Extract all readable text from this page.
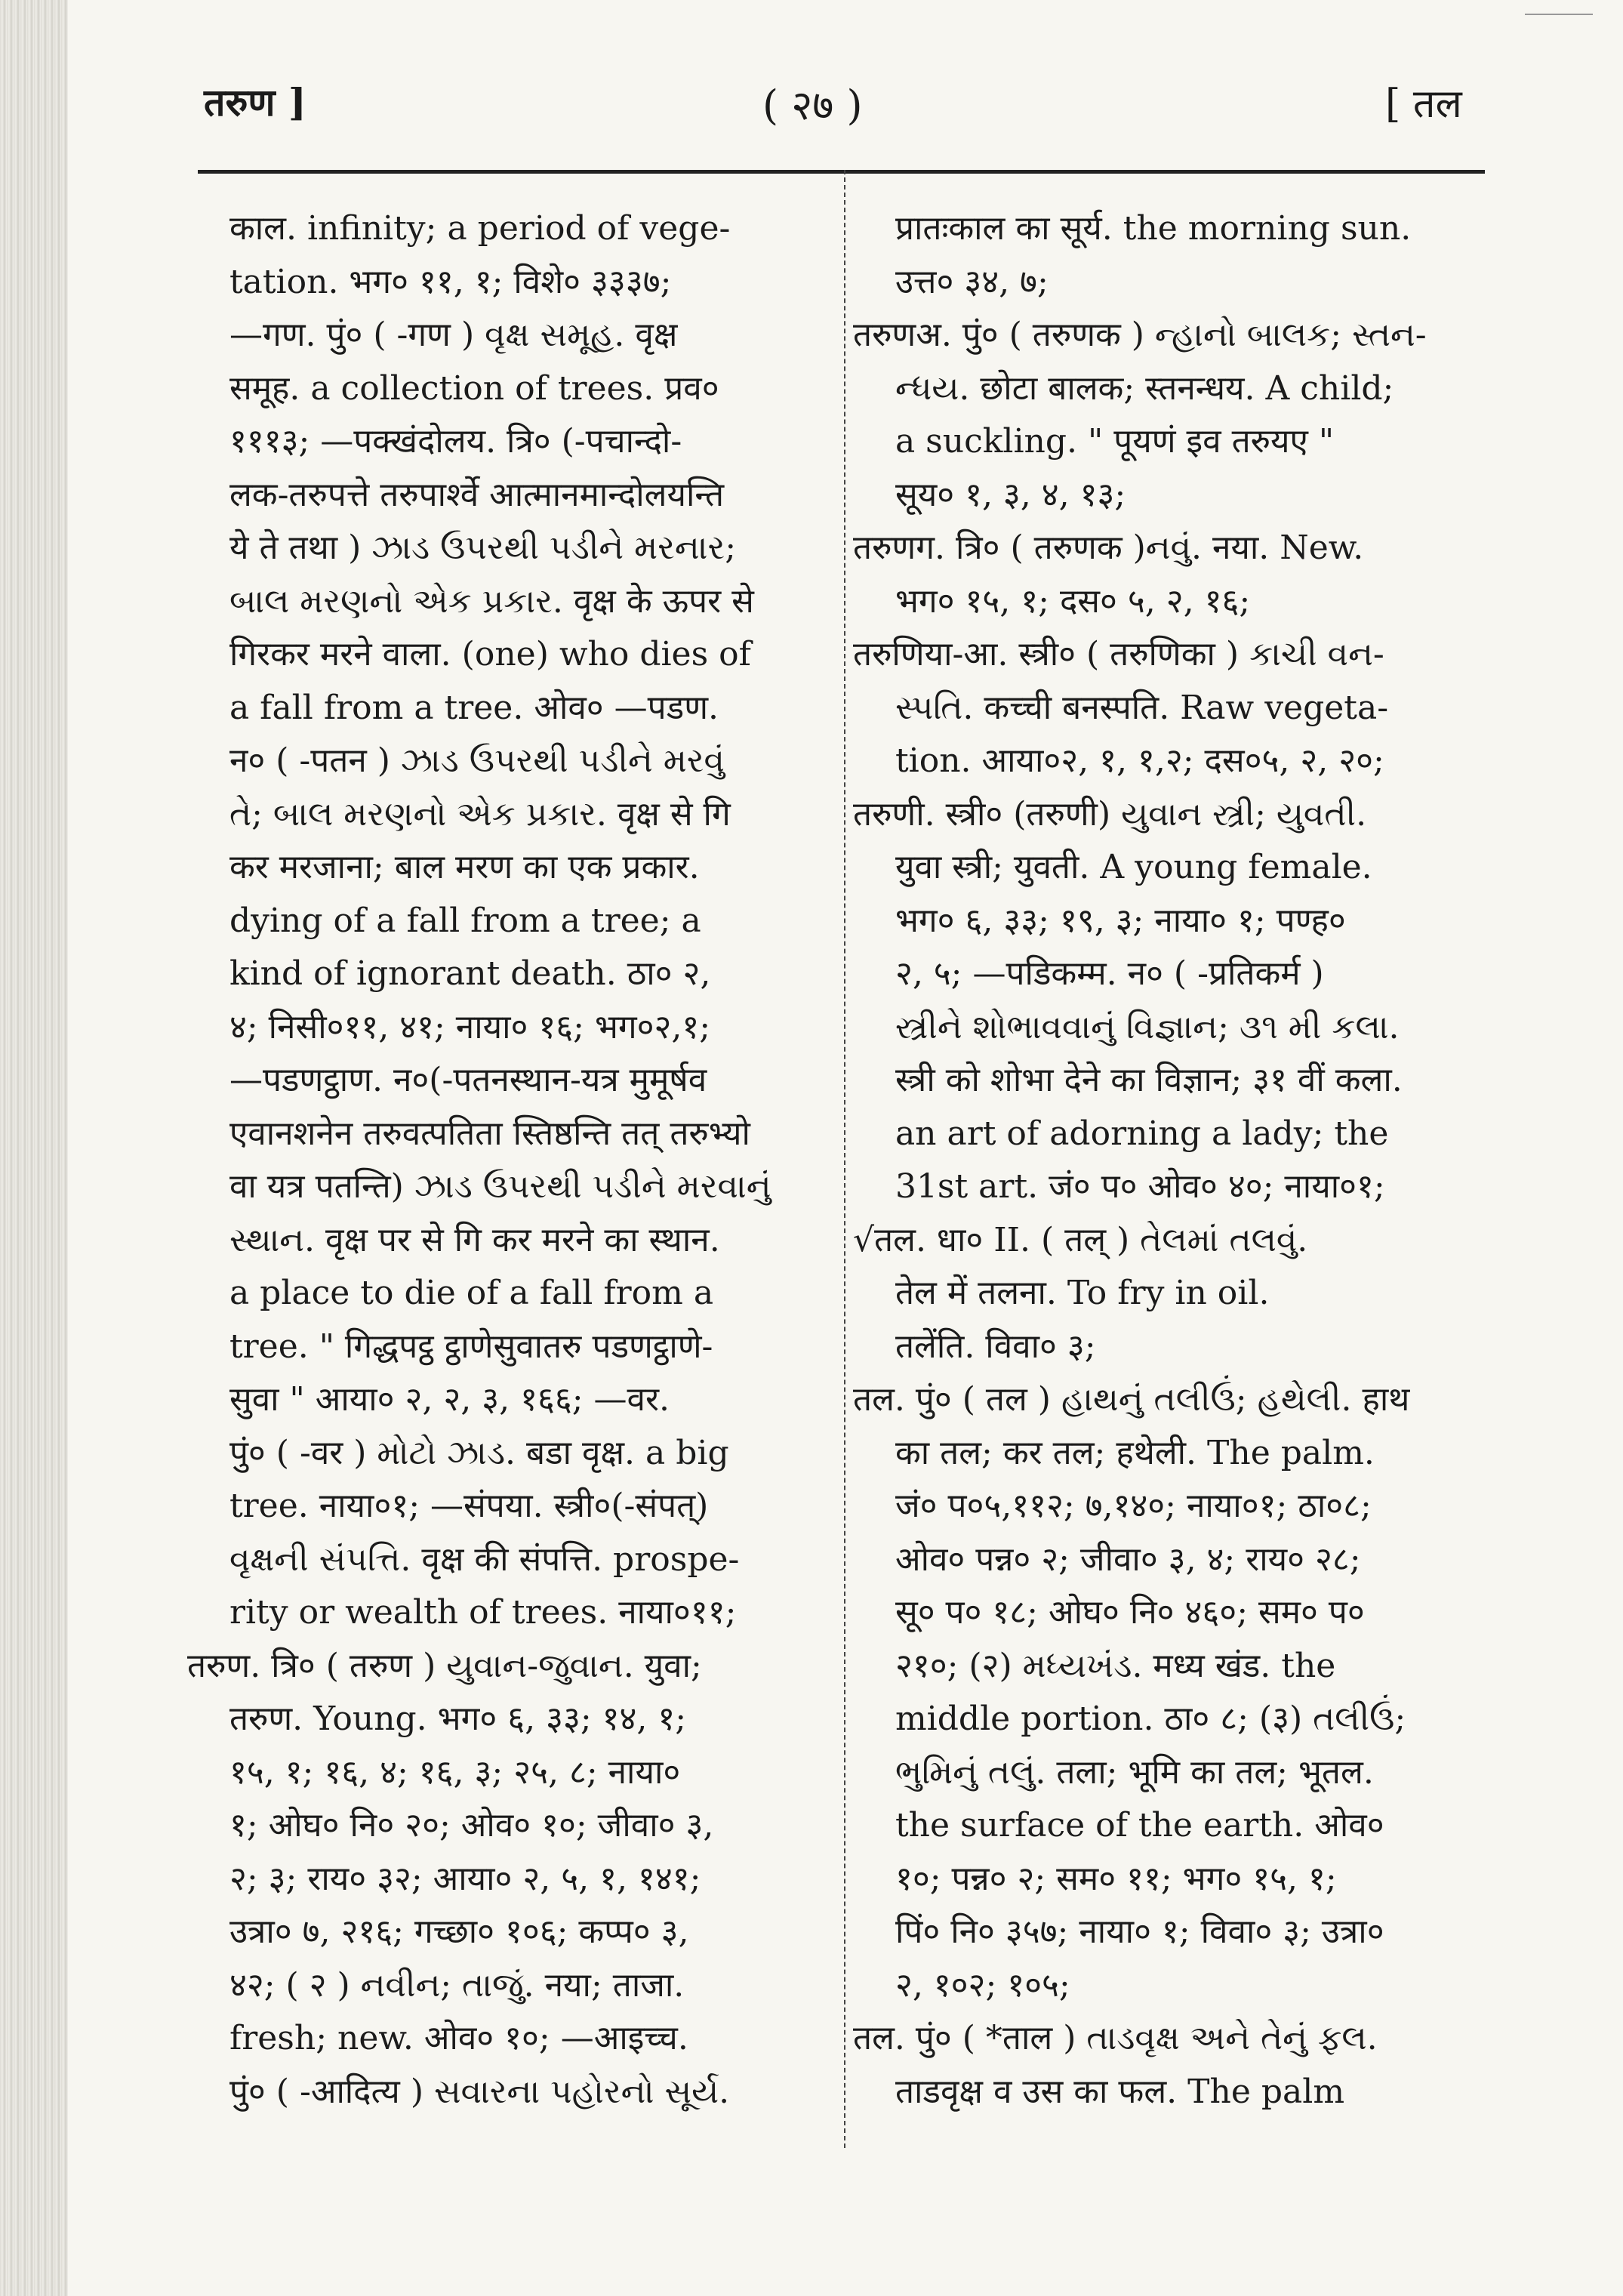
तरुण ]	( २७ )	[ तल

काल. infinity; a period of vege-

tation. भग० ११, १; विशे० ३३३७;

—गण. पुं० ( -गण ) વૃક્ષ સમૂહ. वृक्ष

समूह. a collection of trees. प्रव०

१११३; —पक्खंदोलय. त्रि० (-पचान्दो-

लक-तरुपत्ते तरुपार्श्वे आत्मानमान्दोलयन्ति

ये ते तथा ) ઝાડ ઉપરથી પડીને મરનાર;

બાલ મરણનો એક પ્રકાર. वृक्ष के ऊपर से

गिरकर मरने वाला. (one) who dies of

a fall from a tree. ओव० —पडण.

न० ( -पतन ) ઝાડ ઉપરથી પડીને મરવું

તે; બાલ મરણનો એક પ્રકાર. वृक्ष से गि

कर मरजाना; बाल मरण का एक प्रकार.

dying of a fall from a tree; a

kind of ignorant death. ठा० २,

४; निसी०११, ४१; नाया० १६; भग०२,१;

—पडणट्ठाण. न०(-पतनस्थान-यत्र मुमूर्षव

एवानशनेन तरुवत्पतिता स्तिष्ठन्ति तत् तरुभ्यो

वा यत्र पतन्ति) ઝાડ ઉપરથી પડીને મરવાનું

સ્થાન. वृक्ष पर से गि कर मरने का स्थान.

a place to die of a fall from a

tree. " गिद्धपट्ठ ट्ठाणेसुवातरु पडणट्ठाणे-

सुवा " आया० २, २, ३, १६६; —वर.

पुं० ( -वर ) મોટો ઝાડ. बडा वृक्ष. a big

tree. नाया०१; —संपया. स्त्री०(-संपत्)

વૃક્ષની સંપત્તિ. वृक्ष की संपत्ति. prospe-

rity or wealth of trees. नाया०११;

तरुण. त्रि० ( तरुण ) યુવાન-જુવાન. युवा;

तरुण. Young. भग० ६, ३३; १४, १;

१५, १; १६, ४; १६, ३; २५, ८; नाया०

१; ओघ० नि० २०; ओव० १०; जीवा० ३,

२; ३; राय० ३२; आया० २, ५, १, १४१;

उत्रा० ७, २१६; गच्छा० १०६; कप्प० ३,

४२; ( २ ) નવીન; તાજું. नया; ताजा.

fresh; new. ओव० १०; —आइच्च.

पुं० ( -आदित्य ) સવારના પહોરનો સૂર્ય.

प्रातःकाल का सूर्य. the morning sun.

उत्त० ३४, ७;

तरुणअ. पुं० ( तरुणक ) ન્હાનો બાલક; સ્તન-

ન્ધય. छोटा बालक; स्तनन्धय. A child;

a suckling. " पूयणं इव तरुयए "

सूय० १, ३, ४, १३;

तरुणग. त्रि० ( तरुणक )નવું. नया. New.

भग० १५, १; दस० ५, २, १६;

तरुणिया-आ. स्त्री० ( तरुणिका ) કાચી વન-

સ્પતિ. कच्ची बनस्पति. Raw vegeta-

tion. आया०२, १, १,२; दस०५, २, २०;

तरुणी. स्त्री० (तरुणी) યુવાન સ્ત્રી; યુવતી.

युवा स्त्री; युवती. A young female.

भग० ६, ३३; १९, ३; नाया० १; पण्ह०

२, ५; —पडिकम्म. न० ( -प्रतिकर्म )

સ્ત્રીને શોભાવવાનું વિજ્ઞાન; ૩૧ મી કલા.

स्त्री को शोभा देने का विज्ञान; ३१ वीं कला.

an art of adorning a lady; the

31st art. जं० प० ओव० ४०; नाया०१;

√तल. धा० II. ( तल् ) તેલમાં તલવું.

तेल में तलना. To fry in oil.

तलेंति. विवा० ३;

तल. पुं० ( तल ) હાથનું તલીઉં; હથેલી. हाथ

का तल; कर तल; हथेली. The palm.

जं० प०५,११२; ७,१४०; नाया०१; ठा०८;

ओव० पन्न० २; जीवा० ३, ४; राय० २८;

सू० प० १८; ओघ० नि० ४६०; सम० प०

२१०; (२) મધ્યખંડ. मध्य खंड. the

middle portion. ठा० ८; (३) તલીઉં;

ભુમિનું તલું. तला; भूमि का तल; भूतल.

the surface of the earth. ओव०

१०; पन्न० २; सम० ११; भग० १५, १;

पिं० नि० ३५७; नाया० १; विवा० ३; उत्रा०

२, १०२; १०५;

तल. पुं० ( *ताल ) તાડવૃક્ષ અને તેનું ફલ.

ताडवृक्ष व उस का फल. The palm
